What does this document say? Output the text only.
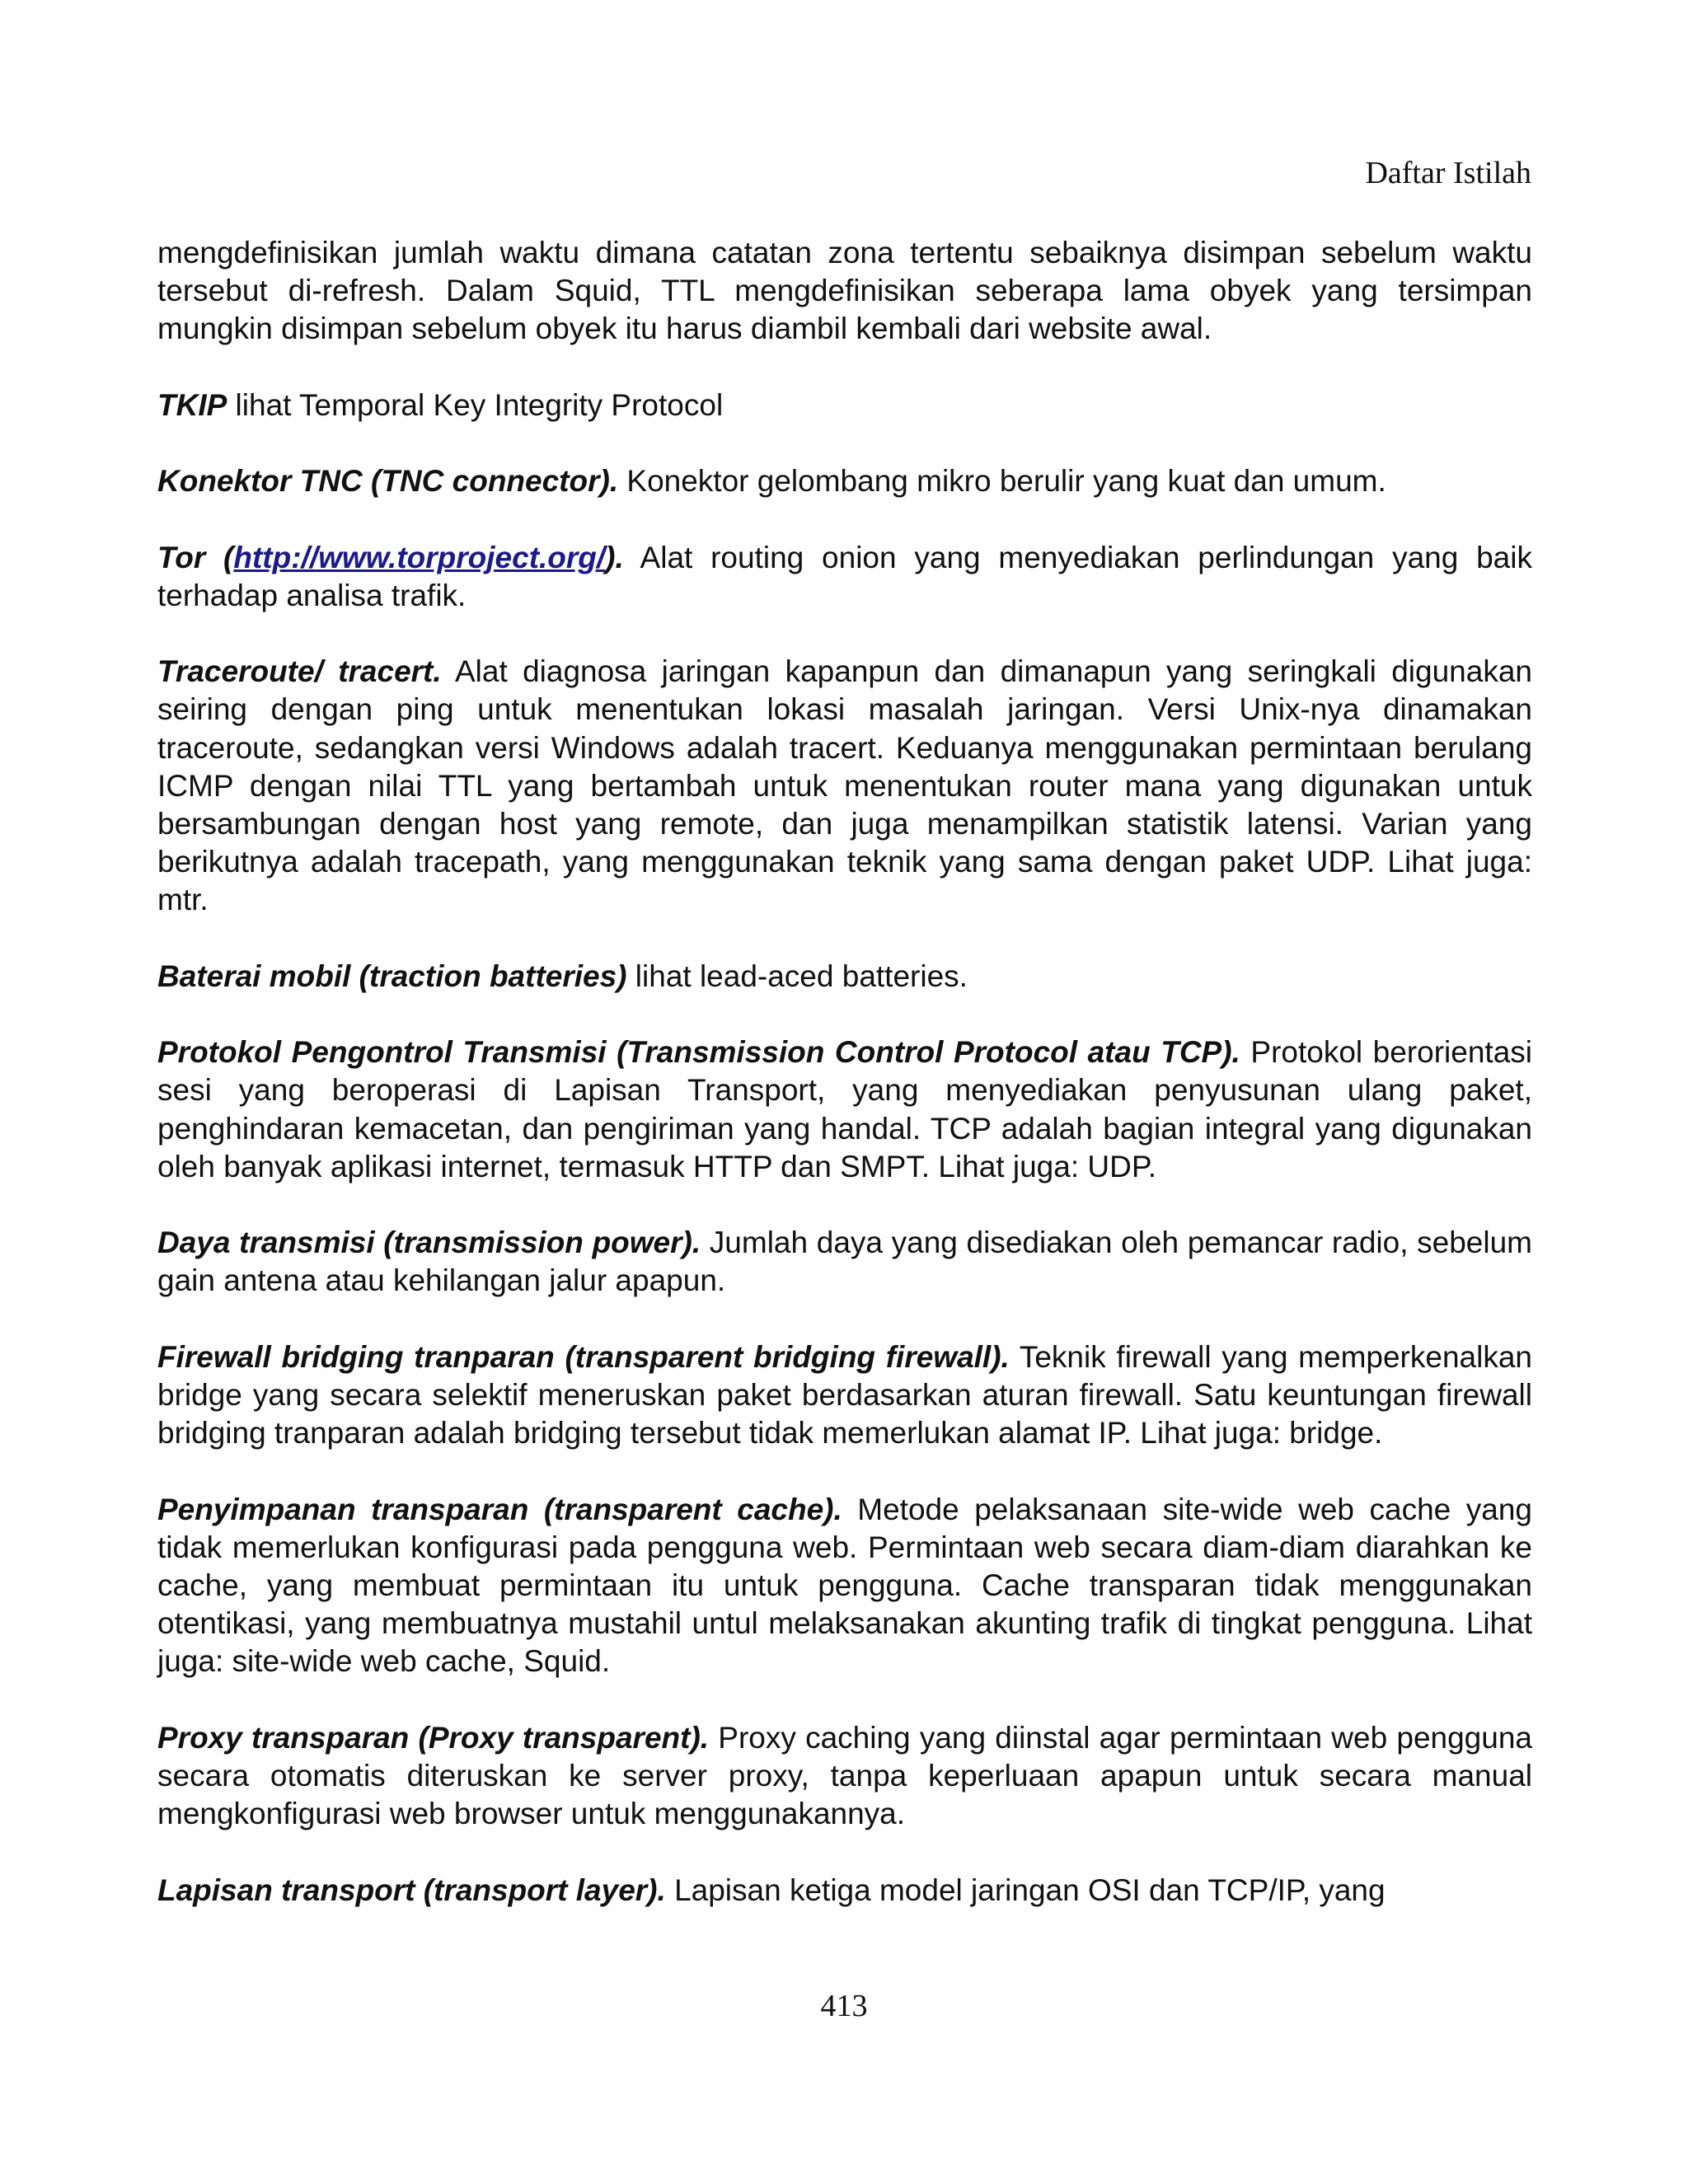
Daftar Istilah

mengdefinisikan jumlah waktu dimana catatan zona tertentu sebaiknya disimpan sebelum waktu tersebut di-refresh. Dalam Squid, TTL mengdefinisikan seberapa lama obyek yang tersimpan mungkin disimpan sebelum obyek itu harus diambil kembali dari website awal.

TKIP lihat Temporal Key Integrity Protocol

Konektor TNC (TNC connector). Konektor gelombang mikro berulir yang kuat dan umum.

Tor (http://www.torproject.org/). Alat routing onion yang menyediakan perlindungan yang baik terhadap analisa trafik.

Traceroute/ tracert. Alat diagnosa jaringan kapanpun dan dimanapun yang seringkali digunakan seiring dengan ping untuk menentukan lokasi masalah jaringan. Versi Unix-nya dinamakan traceroute, sedangkan versi Windows adalah tracert. Keduanya menggunakan permintaan berulang ICMP dengan nilai TTL yang bertambah untuk menentukan router mana yang digunakan untuk bersambungan dengan host yang remote, dan juga menampilkan statistik latensi. Varian yang berikutnya adalah tracepath, yang menggunakan teknik yang sama dengan paket UDP. Lihat juga: mtr.

Baterai mobil (traction batteries) lihat lead-aced batteries.

Protokol Pengontrol Transmisi (Transmission Control Protocol atau TCP). Protokol berorientasi sesi yang beroperasi di Lapisan Transport, yang menyediakan penyusunan ulang paket, penghindaran kemacetan, dan pengiriman yang handal. TCP adalah bagian integral yang digunakan oleh banyak aplikasi internet, termasuk HTTP dan SMPT. Lihat juga: UDP.

Daya transmisi (transmission power). Jumlah daya yang disediakan oleh pemancar radio, sebelum gain antena atau kehilangan jalur apapun.

Firewall bridging tranparan (transparent bridging firewall). Teknik firewall yang memperkenalkan bridge yang secara selektif meneruskan paket berdasarkan aturan firewall. Satu keuntungan firewall bridging tranparan adalah bridging tersebut tidak memerlukan alamat IP. Lihat juga: bridge.

Penyimpanan transparan (transparent cache). Metode pelaksanaan site-wide web cache yang tidak memerlukan konfigurasi pada pengguna web. Permintaan web secara diam-diam diarahkan ke cache, yang membuat permintaan itu untuk pengguna. Cache transparan tidak menggunakan otentikasi, yang membuatnya mustahil untul melaksanakan akunting trafik di tingkat pengguna. Lihat juga: site-wide web cache, Squid.

Proxy transparan (Proxy transparent). Proxy caching yang diinstal agar permintaan web pengguna secara otomatis diteruskan ke server proxy, tanpa keperluaan apapun untuk secara manual mengkonfigurasi web browser untuk menggunakannya.

Lapisan transport (transport layer). Lapisan ketiga model jaringan OSI dan TCP/IP, yang

413
